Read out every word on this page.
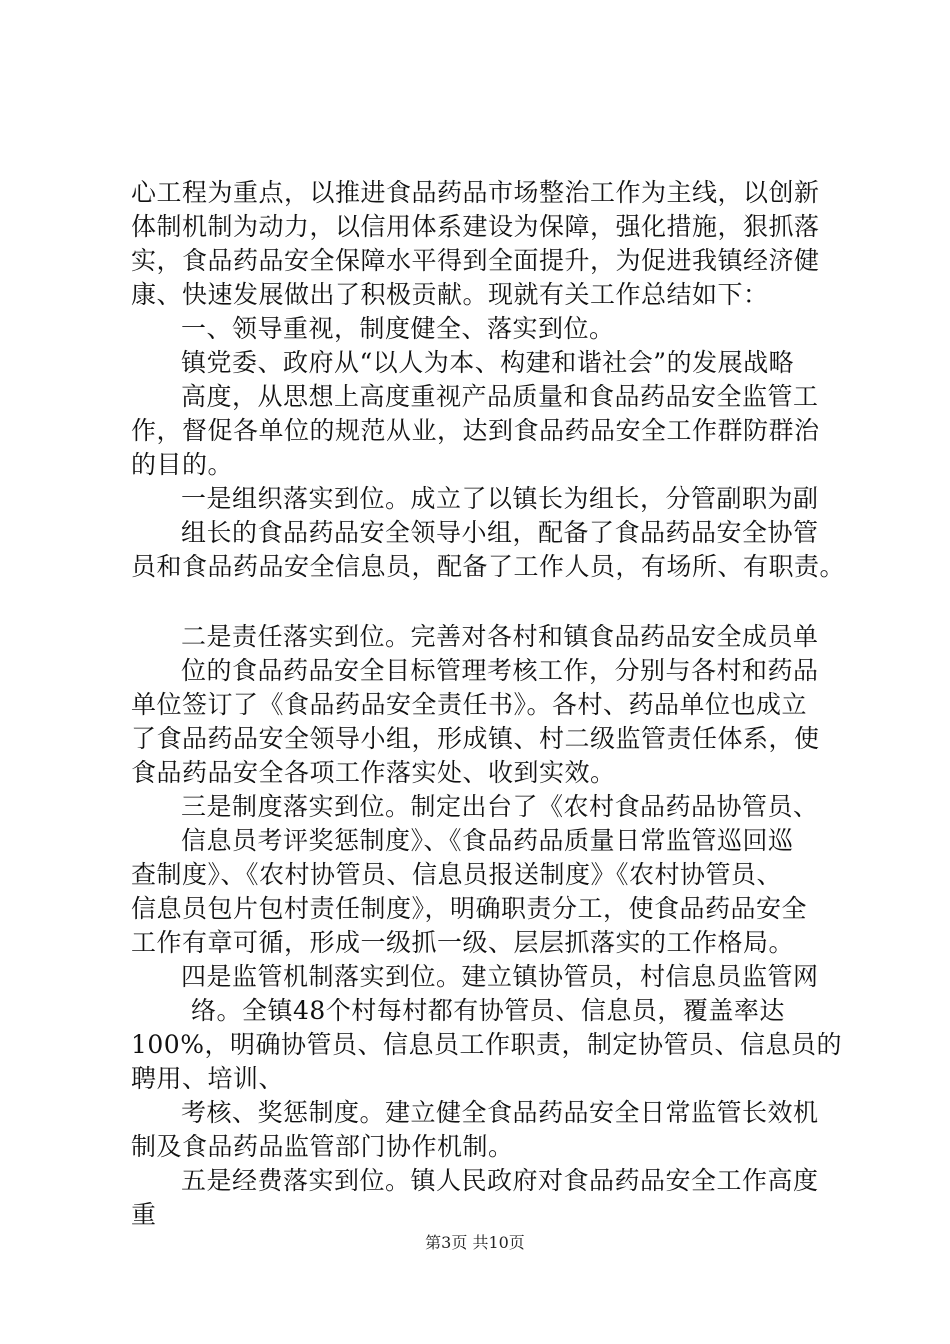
心工程为重点，以推进食品药品市场整治工作为主线，以创新
体制机制为动力，以信用体系建设为保障，强化措施，狠抓落
实，食品药品安全保障水平得到全面提升，为促进我镇经济健
康、快速发展做出了积极贡献。现就有关工作总结如下：
一、领导重视，制度健全、落实到位。
镇党委、政府从“以人为本、构建和谐社会”的发展战略
高度，从思想上高度重视产品质量和食品药品安全监管工
作，督促各单位的规范从业，达到食品药品安全工作群防群治
的目的。
一是组织落实到位。成立了以镇长为组长，分管副职为副
组长的食品药品安全领导小组，配备了食品药品安全协管
员和食品药品安全信息员，配备了工作人员，有场所、有职责。
二是责任落实到位。完善对各村和镇食品药品安全成员单
位的食品药品安全目标管理考核工作，分别与各村和药品
单位签订了《食品药品安全责任书》。各村、药品单位也成立
了食品药品安全领导小组，形成镇、村二级监管责任体系，使
食品药品安全各项工作落实处、收到实效。
三是制度落实到位。制定出台了《农村食品药品协管员、
信息员考评奖惩制度》、《食品药品质量日常监管巡回巡
查制度》、《农村协管员、信息员报送制度》《农村协管员、
信息员包片包村责任制度》，明确职责分工，使食品药品安全
工作有章可循，形成一级抓一级、层层抓落实的工作格局。
四是监管机制落实到位。建立镇协管员，村信息员监管网
络。全镇48个村每村都有协管员、信息员，覆盖率达
100%，明确协管员、信息员工作职责，制定协管员、信息员的
聘用、培训、
考核、奖惩制度。建立健全食品药品安全日常监管长效机
制及食品药品监管部门协作机制。
五是经费落实到位。镇人民政府对食品药品安全工作高度
重
第3页 共10页
